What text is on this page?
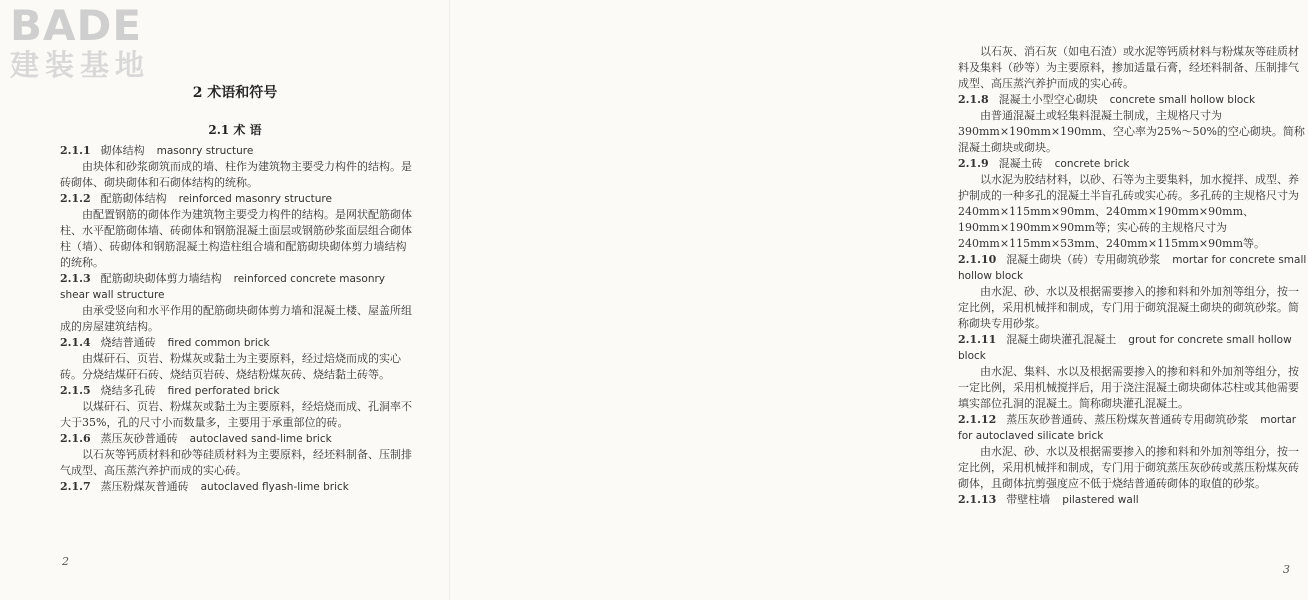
BADE
建装基地
2 术语和符号
2.1 术 语
2.1.1 砌体结构 masonry structure

由块体和砂浆砌筑而成的墙、柱作为建筑物主要受力构件的结构。是砖砌体、砌块砌体和石砌体结构的统称。

2.1.2 配筋砌体结构 reinforced masonry structure

由配置钢筋的砌体作为建筑物主要受力构件的结构。是网状配筋砌体柱、水平配筋砌体墙、砖砌体和钢筋混凝土面层或钢筋砂浆面层组合砌体柱（墙）、砖砌体和钢筋混凝土构造柱组合墙和配筋砌块砌体剪力墙结构的统称。

2.1.3 配筋砌块砌体剪力墙结构 reinforced concrete masonry shear wall structure

由承受竖向和水平作用的配筋砌块砌体剪力墙和混凝土楼、屋盖所组成的房屋建筑结构。

2.1.4 烧结普通砖 fired common brick

由煤矸石、页岩、粉煤灰或黏土为主要原料，经过焙烧而成的实心砖。分烧结煤矸石砖、烧结页岩砖、烧结粉煤灰砖、烧结黏土砖等。

2.1.5 烧结多孔砖 fired perforated brick

以煤矸石、页岩、粉煤灰或黏土为主要原料，经焙烧而成、孔洞率不大于35%，孔的尺寸小而数量多，主要用于承重部位的砖。

2.1.6 蒸压灰砂普通砖 autoclaved sand-lime brick

以石灰等钙质材料和砂等硅质材料为主要原料，经坯料制备、压制排气成型、高压蒸汽养护而成的实心砖。

2.1.7 蒸压粉煤灰普通砖 autoclaved flyash-lime brick
2

以石灰、消石灰（如电石渣）或水泥等钙质材料与粉煤灰等硅质材料及集料（砂等）为主要原料，掺加适量石膏，经坯料制备、压制排气成型、高压蒸汽养护而成的实心砖。

2.1.8 混凝土小型空心砌块 concrete small hollow block

由普通混凝土或轻集料混凝土制成，主规格尺寸为390mm×190mm×190mm、空心率为25%～50%的空心砌块。简称混凝土砌块或砌块。

2.1.9 混凝土砖 concrete brick

以水泥为胶结材料，以砂、石等为主要集料，加水搅拌、成型、养护制成的一种多孔的混凝土半盲孔砖或实心砖。多孔砖的主规格尺寸为240mm×115mm×90mm、240mm×190mm×90mm、190mm×190mm×90mm等；实心砖的主规格尺寸为240mm×115mm×53mm、240mm×115mm×90mm等。

2.1.10 混凝土砌块（砖）专用砌筑砂浆 mortar for concrete small hollow block

由水泥、砂、水以及根据需要掺入的掺和料和外加剂等组分，按一定比例，采用机械拌和制成，专门用于砌筑混凝土砌块的砌筑砂浆。简称砌块专用砂浆。

2.1.11 混凝土砌块灌孔混凝土 grout for concrete small hollow block

由水泥、集料、水以及根据需要掺入的掺和料和外加剂等组分，按一定比例，采用机械搅拌后，用于浇注混凝土砌块砌体芯柱或其他需要填实部位孔洞的混凝土。简称砌块灌孔混凝土。

2.1.12 蒸压灰砂普通砖、蒸压粉煤灰普通砖专用砌筑砂浆 mortar for autoclaved silicate brick

由水泥、砂、水以及根据需要掺入的掺和料和外加剂等组分，按一定比例，采用机械拌和制成，专门用于砌筑蒸压灰砂砖或蒸压粉煤灰砖砌体，且砌体抗剪强度应不低于烧结普通砖砌体的取值的砂浆。

2.1.13 带壁柱墙 pilastered wall
3
